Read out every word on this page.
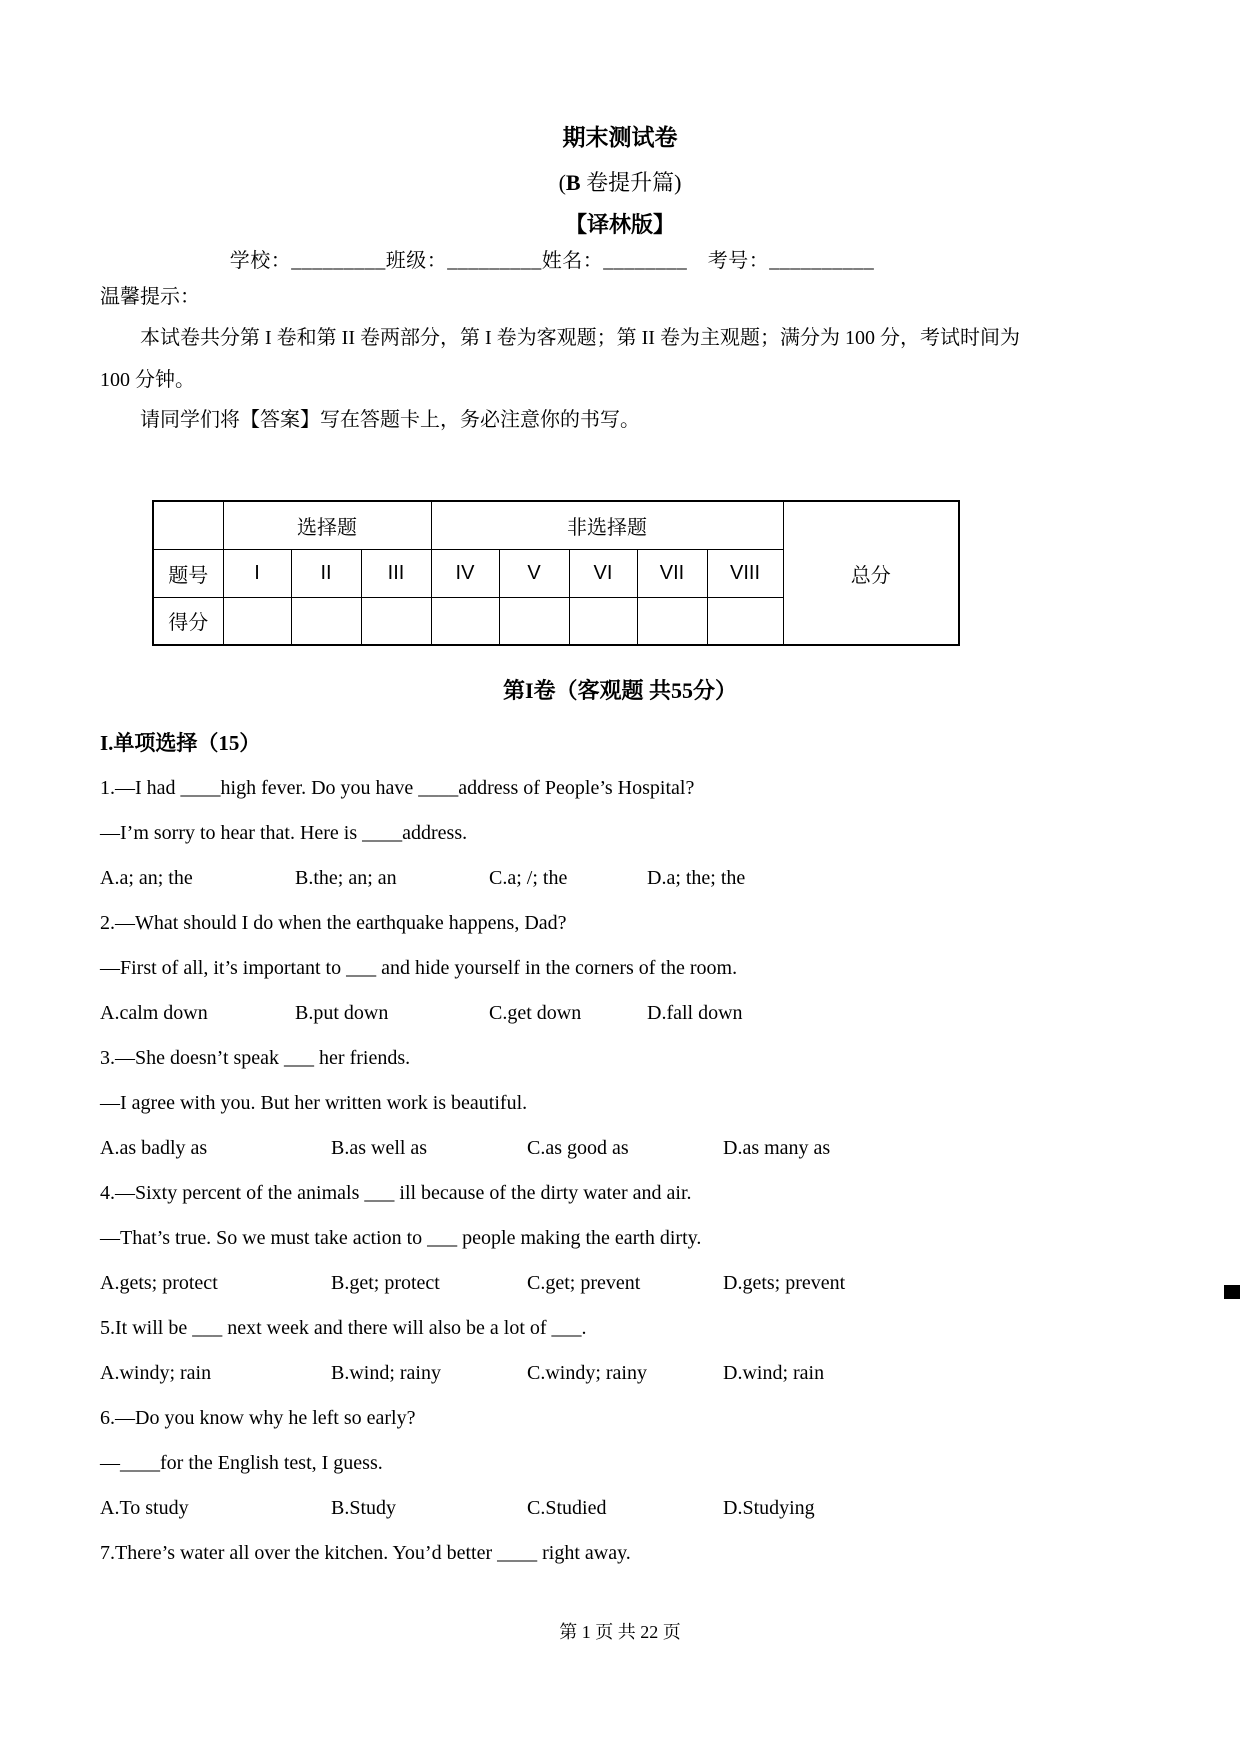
期末测试卷
(B 卷提升篇)
【译林版】
学校：_________班级：_________姓名：________　考号：__________
温馨提示：
本试卷共分第 I 卷和第 II 卷两部分，第 I 卷为客观题；第 II 卷为主观题；满分为 100 分，考试时间为
100 分钟。
请同学们将【答案】写在答题卡上，务必注意你的书写。
	选择题			非选择题					总分
题号	I	II	III	IV	V	VI	VII	VIII	
得分									
第I卷（客观题 共55分）
I.单项选择（15）
1.—I had ____high fever. Do you have ____address of People’s Hospital?
—I’m sorry to hear that. Here is ____address.
A.a; an; the	B.the; an; an	C.a; /; the	D.a; the; the
2.—What should I do when the earthquake happens, Dad?
—First of all, it’s important to ___ and hide yourself in the corners of the room.
A.calm down	B.put down	C.get down	D.fall down
3.—She doesn’t speak ___ her friends.
—I agree with you. But her written work is beautiful.
A.as badly as	B.as well as	C.as good as	D.as many as
4.—Sixty percent of the animals ___ ill because of the dirty water and air.
—That’s true. So we must take action to ___ people making the earth dirty.
A.gets; protect	B.get; protect	C.get; prevent	D.gets; prevent
5.It will be ___ next week and there will also be a lot of ___.
A.windy; rain	B.wind; rainy	C.windy; rainy	D.wind; rain
6.—Do you know why he left so early?
—____for the English test, I guess.
A.To study	B.Study	C.Studied	D.Studying
7.There’s water all over the kitchen. You’d better ____ right away.
第 1 页 共 22 页
